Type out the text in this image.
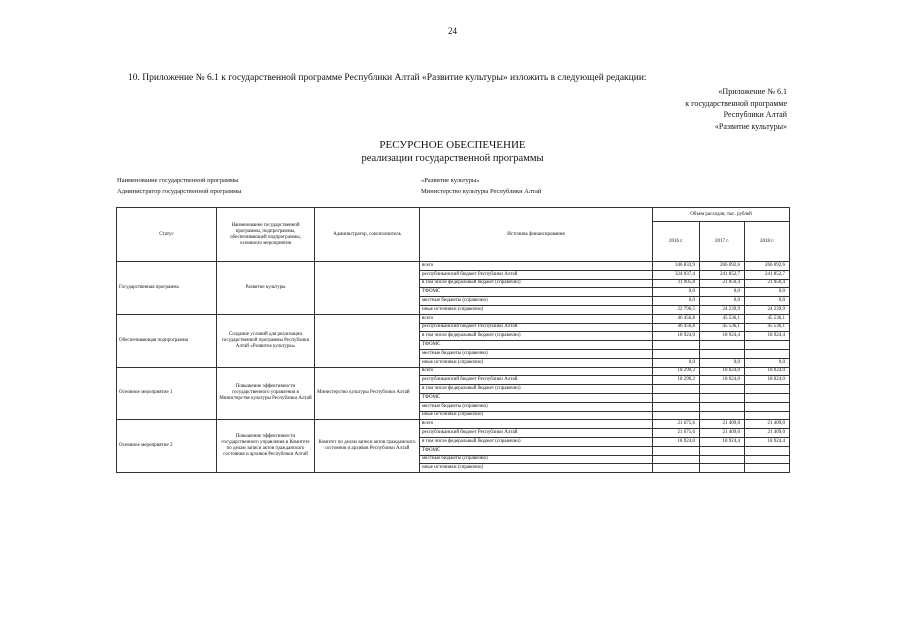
24
10. Приложение № 6.1 к государственной программе Республики Алтай «Развитие культуры» изложить в следующей редакции:
«Приложение № 6.1
к государственной программе
Республики Алтай
«Развитие культуры»
РЕСУРСНОЕ ОБЕСПЕЧЕНИЕ
реализации государственной программы
Наименование государственной программы	«Развитие культуры»
Администратор государственной программы	Министерство культуры Республики Алтай
Статус	Наименование государственной программы, подпрограммы, обеспечивающей подпрограммы, основного мероприятия	Администратор, соисполнитель	Источник финансирования	Объем расходов, тыс. рублей		
				2016 г.	2017 г.	2018 г.
Государственная программа	Развитие культуры		всего	346 833,9	266 092,6	266 092,6
			республиканский бюджет Республики Алтай	324 037,4	241 852,7	241 852,7
			в том числе федеральный бюджет (справочно)	31 905,8	21 050,4	21 050,4
			ТФОМС	0,0	0,0	0,0
			местные бюджеты (справочно)	0,0	0,0	0,0
			иные источники (справочно)	22 796,5	24 239,9	24 239,9
Обеспечивающая подпрограмма	Создание условий для реализации государственной программы Республики Алтай «Развитие культуры»		всего	46 456,8	45 536,1	45 536,1
			республиканский бюджет Республики Алтай	46 456,8	45 536,1	45 536,1
			в том числе федеральный бюджет (справочно)	18 924,0	18 924,4	18 924,4
			ТФОМС			
			местные бюджеты (справочно)			
			иные источники (справочно)	0,0	0,0	0,0
Основное мероприятие 1	Повышение эффективности государственного управления в Министерстве культуры Республики Алтай	Министерство культуры Республики Алтай	всего	18 290,2	18 024,0	18 024,0
			республиканский бюджет Республики Алтай	18 290,2	18 024,0	18 024,0
			в том числе федеральный бюджет (справочно)			
			ТФОМС			
			местные бюджеты (справочно)			
			иные источники (справочно)			
Основное мероприятие 2	Повышение эффективности государственного управления в Комитете по делам записи актов гражданского состояния и архивов Республики Алтай	Комитет по делам записи актов гражданского состояния и архивов Республики Алтай	всего	21 675,6	21 409,0	21 409,0
			республиканский бюджет Республики Алтай	21 675,6	21 409,0	21 409,0
			в том числе федеральный бюджет (справочно)	18 924,0	18 924,4	18 924,4
			ТФОМС			
			местные бюджеты (справочно)			
			иные источники (справочно)			
